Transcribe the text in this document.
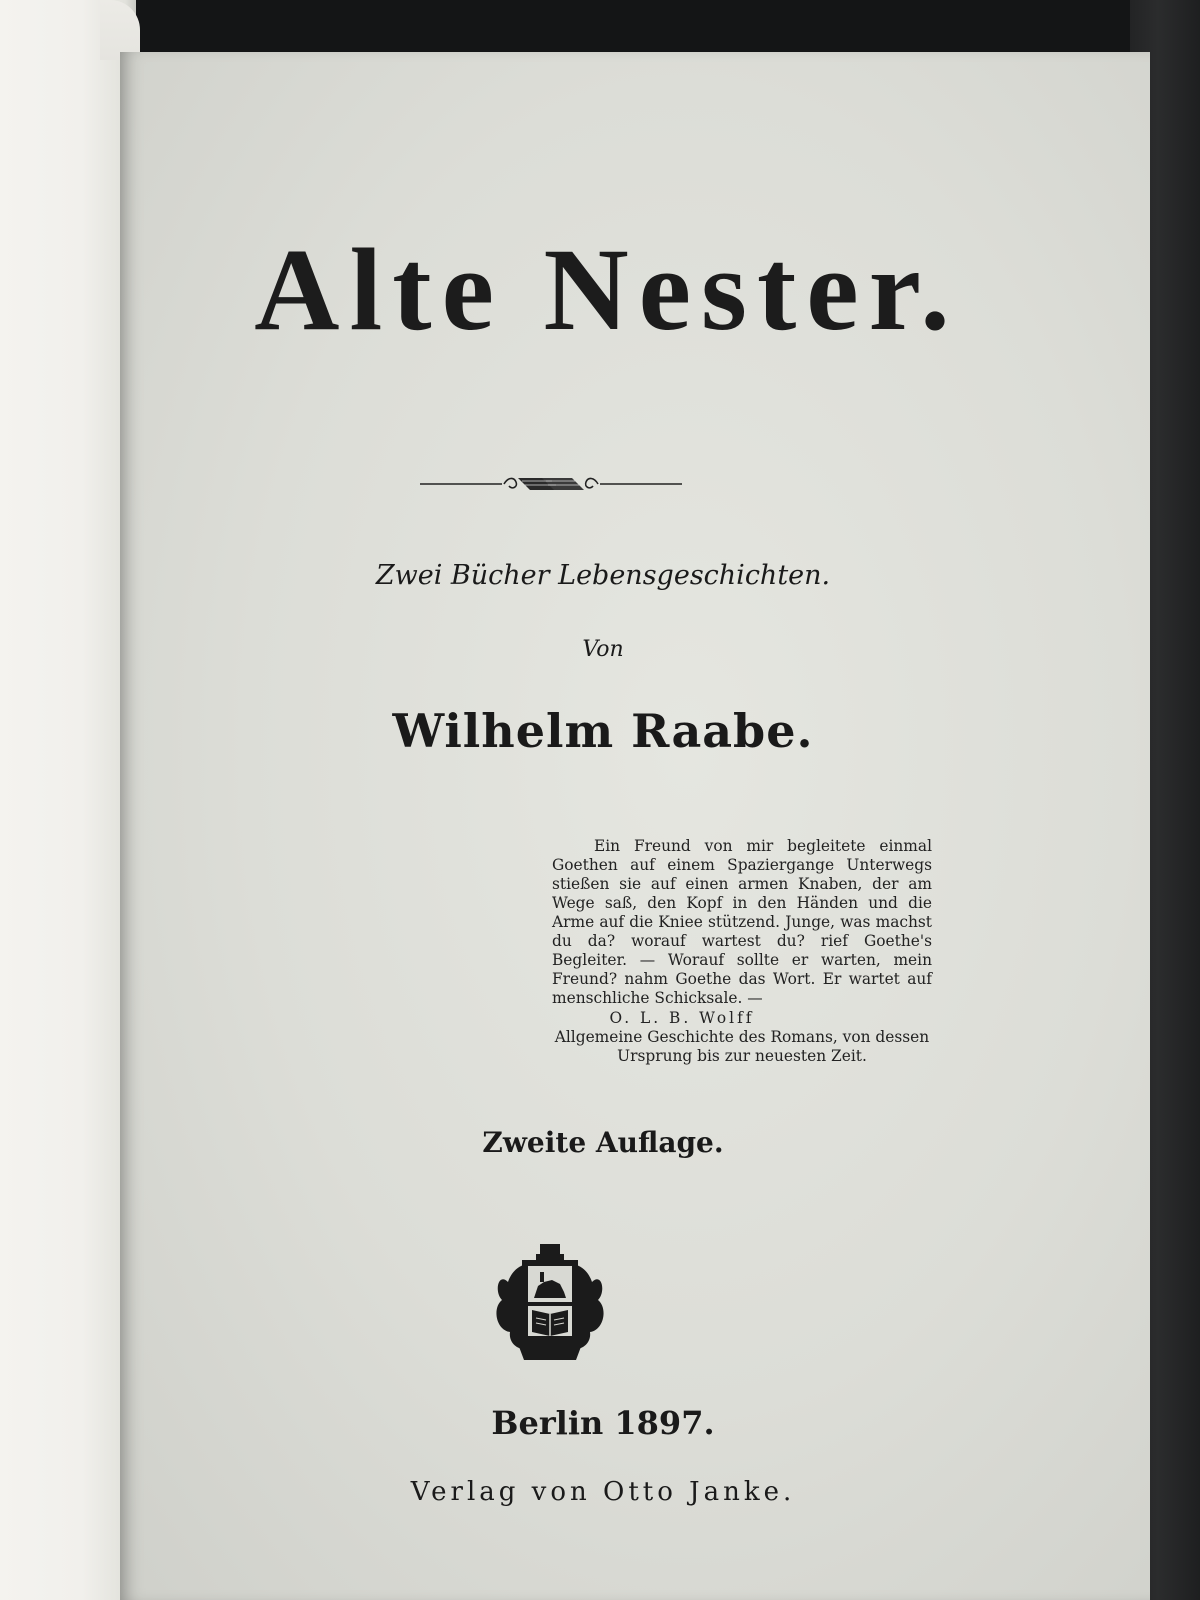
Alte Nester.
Zwei Bücher Lebensgeschichten.
Von
Wilhelm Raabe.

Ein Freund von mir begleitete einmal Goethen auf einem Spaziergange Unterwegs stießen sie auf einen armen Knaben, der am Wege saß, den Kopf in den Händen und die Arme auf die Kniee stützend. Junge, was machst du da? worauf wartest du? rief Goethe's Begleiter. — Worauf sollte er warten, mein Freund? nahm Goethe das Wort. Er wartet auf menschliche Schicksale. —

O. L. B. Wolff
Allgemeine Geschichte des Romans, von dessen Ursprung bis zur neuesten Zeit.
Zweite Auflage.
Berlin 1897.
Verlag von Otto Janke.
